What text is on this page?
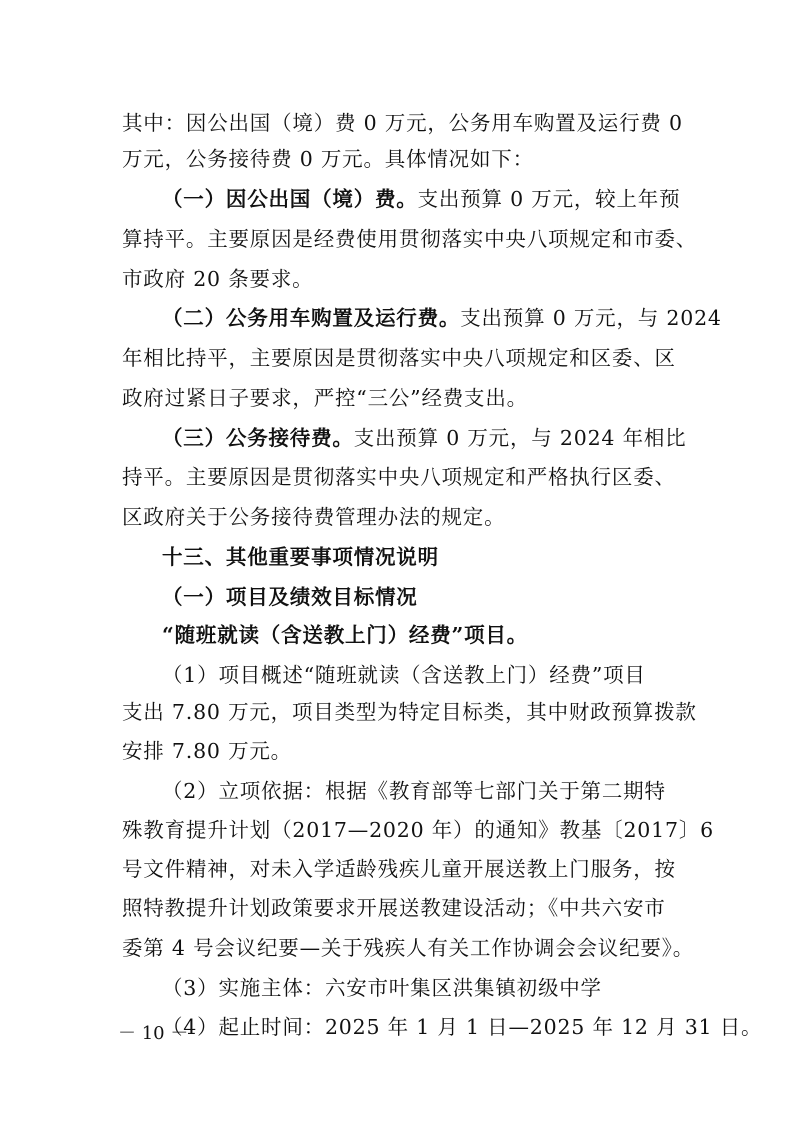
其中：因公出国（境）费 0 万元，公务用车购置及运行费 0
万元，公务接待费 0 万元。具体情况如下：
（一）因公出国（境）费。支出预算 0 万元，较上年预
算持平。主要原因是经费使用贯彻落实中央八项规定和市委、
市政府 20 条要求。
（二）公务用车购置及运行费。支出预算 0 万元，与 2024
年相比持平，主要原因是贯彻落实中央八项规定和区委、区
政府过紧日子要求，严控“三公”经费支出。
（三）公务接待费。支出预算 0 万元，与 2024 年相比
持平。主要原因是贯彻落实中央八项规定和严格执行区委、
区政府关于公务接待费管理办法的规定。
十三、其他重要事项情况说明
（一）项目及绩效目标情况
“随班就读（含送教上门）经费”项目。
（1）项目概述“随班就读（含送教上门）经费”项目
支出 7.80 万元，项目类型为特定目标类，其中财政预算拨款
安排 7.80 万元。
（2）立项依据：根据《教育部等七部门关于第二期特
殊教育提升计划（2017—2020 年）的通知》教基〔2017〕6
号文件精神，对未入学适龄残疾儿童开展送教上门服务，按
照特教提升计划政策要求开展送教建设活动；《中共六安市
委第 4 号会议纪要—关于残疾人有关工作协调会会议纪要》。
（3）实施主体：六安市叶集区洪集镇初级中学
（4）起止时间：2025 年 1 月 1 日—2025 年 12 月 31 日。
－ 10 －
